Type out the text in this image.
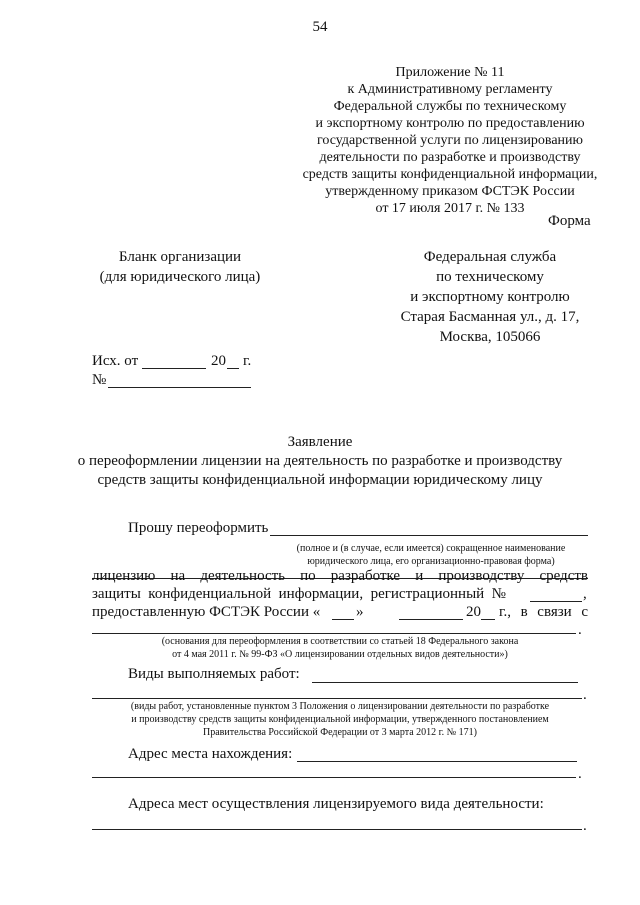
54
Приложение № 11
к Административному регламенту
Федеральной службы по техническому
и экспортному контролю по предоставлению
государственной услуги по лицензированию
деятельности по разработке и производству
средств защиты конфиденциальной информации,
утвержденному приказом ФСТЭК России
от 17 июля 2017 г. № 133
Форма
Бланк организации
(для юридического лица)
Федеральная служба
по техническому
и экспортному контролю
Старая Басманная ул., д. 17,
Москва, 105066
Исх. от	20 г.
№
Заявление
о переоформлении лицензии на деятельность по разработке и производству
средств защиты конфиденциальной информации юридическому лицу
Прошу переоформить
(полное и (в случае, если имеется) сокращенное наименование
юридического лица, его организационно-правовая форма)
лицензию на деятельность по разработке и производству средств
защиты конфиденциальной информации, регистрационный №	,
предоставленную ФСТЭК России « »	20 г., в связи с
.
(основания для переоформления в соответствии со статьей 18 Федерального закона
от 4 мая 2011 г. № 99-ФЗ «О лицензировании отдельных видов деятельности»)
Виды выполняемых работ:
.
(виды работ, установленные пунктом 3 Положения о лицензировании деятельности по разработке
и производству средств защиты конфиденциальной информации, утвержденного постановлением
Правительства Российской Федерации от 3 марта 2012 г. № 171)
Адрес места нахождения:
.
Адреса мест осуществления лицензируемого вида деятельности:
.
